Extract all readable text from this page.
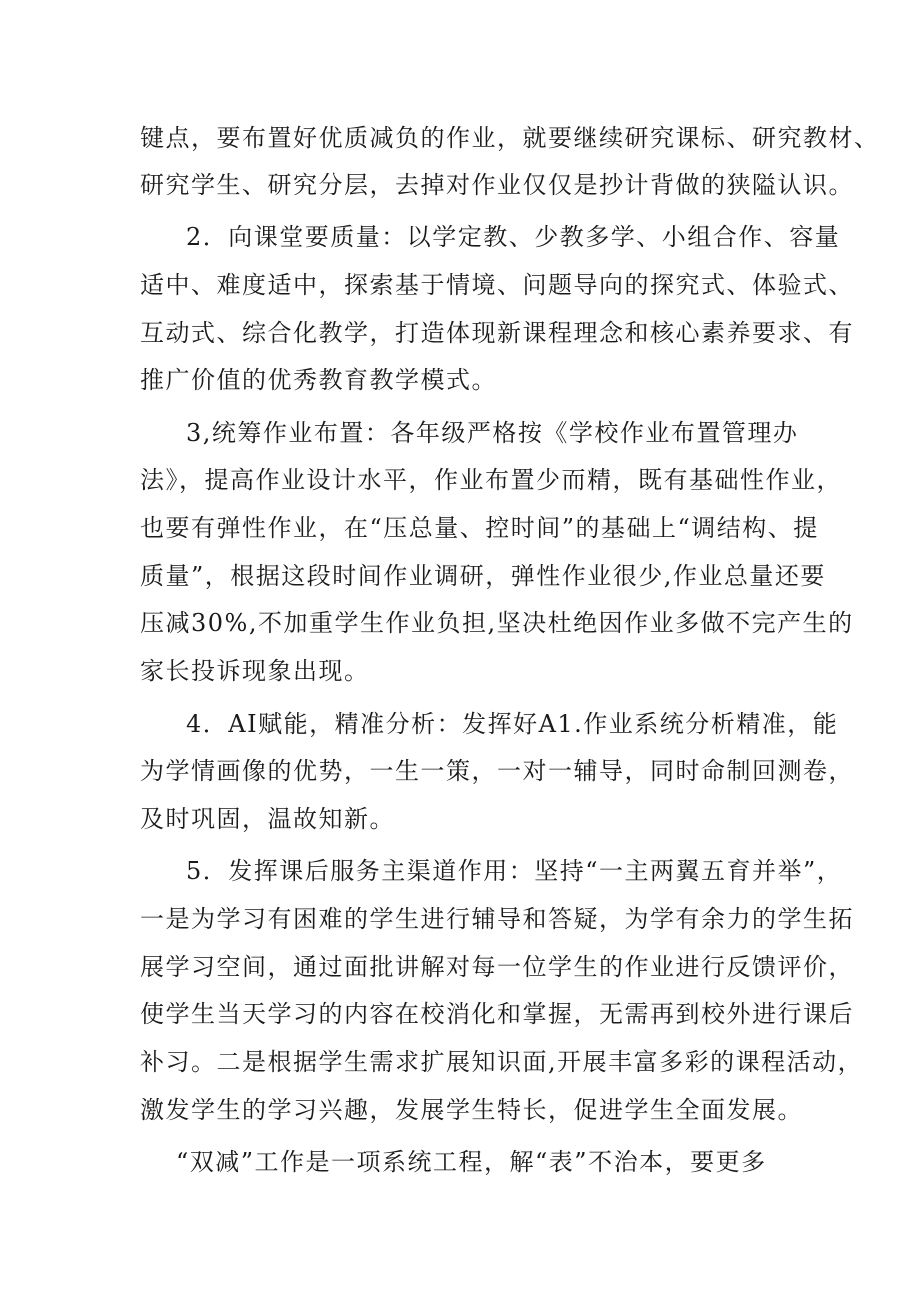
键点，要布置好优质减负的作业，就要继续研究课标、研究教材、
研究学生、研究分层，去掉对作业仅仅是抄计背做的狭隘认识。
2．向课堂要质量：以学定教、少教多学、小组合作、容量
适中、难度适中，探索基于情境、问题导向的探究式、体验式、
互动式、综合化教学，打造体现新课程理念和核心素养要求、有
推广价值的优秀教育教学模式。
3,统筹作业布置：各年级严格按《学校作业布置管理办
法》，提高作业设计水平，作业布置少而精，既有基础性作业，
也要有弹性作业，在“压总量、控时间”的基础上“调结构、提
质量”，根据这段时间作业调研，弹性作业很少,作业总量还要
压减30%,不加重学生作业负担,坚决杜绝因作业多做不完产生的
家长投诉现象出现。
4．AI赋能，精准分析：发挥好A1.作业系统分析精准，能
为学情画像的优势，一生一策，一对一辅导，同时命制回测卷，
及时巩固，温故知新。
5．发挥课后服务主渠道作用：坚持“一主两翼五育并举”，
一是为学习有困难的学生进行辅导和答疑，为学有余力的学生拓
展学习空间，通过面批讲解对每一位学生的作业进行反馈评价，
使学生当天学习的内容在校消化和掌握，无需再到校外进行课后
补习。二是根据学生需求扩展知识面,开展丰富多彩的课程活动，
激发学生的学习兴趣，发展学生特长，促进学生全面发展。
“双减”工作是一项系统工程，解“表”不治本，要更多
